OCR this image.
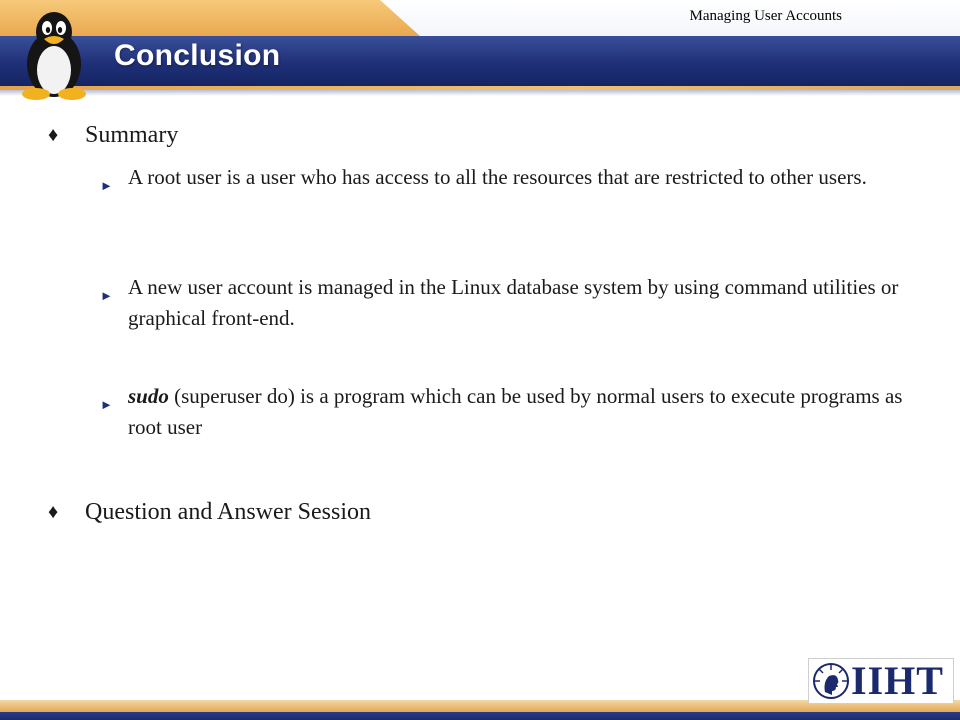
Managing User Accounts
Conclusion
♦	Summary
► A root user is a user who has access to all the resources that are restricted to other users.
► A new user account is managed in the Linux database system by using command utilities or graphical front-end.
► sudo (superuser do) is a program which can be used by normal users to execute programs as root user
♦	Question and Answer Session
IIHT
